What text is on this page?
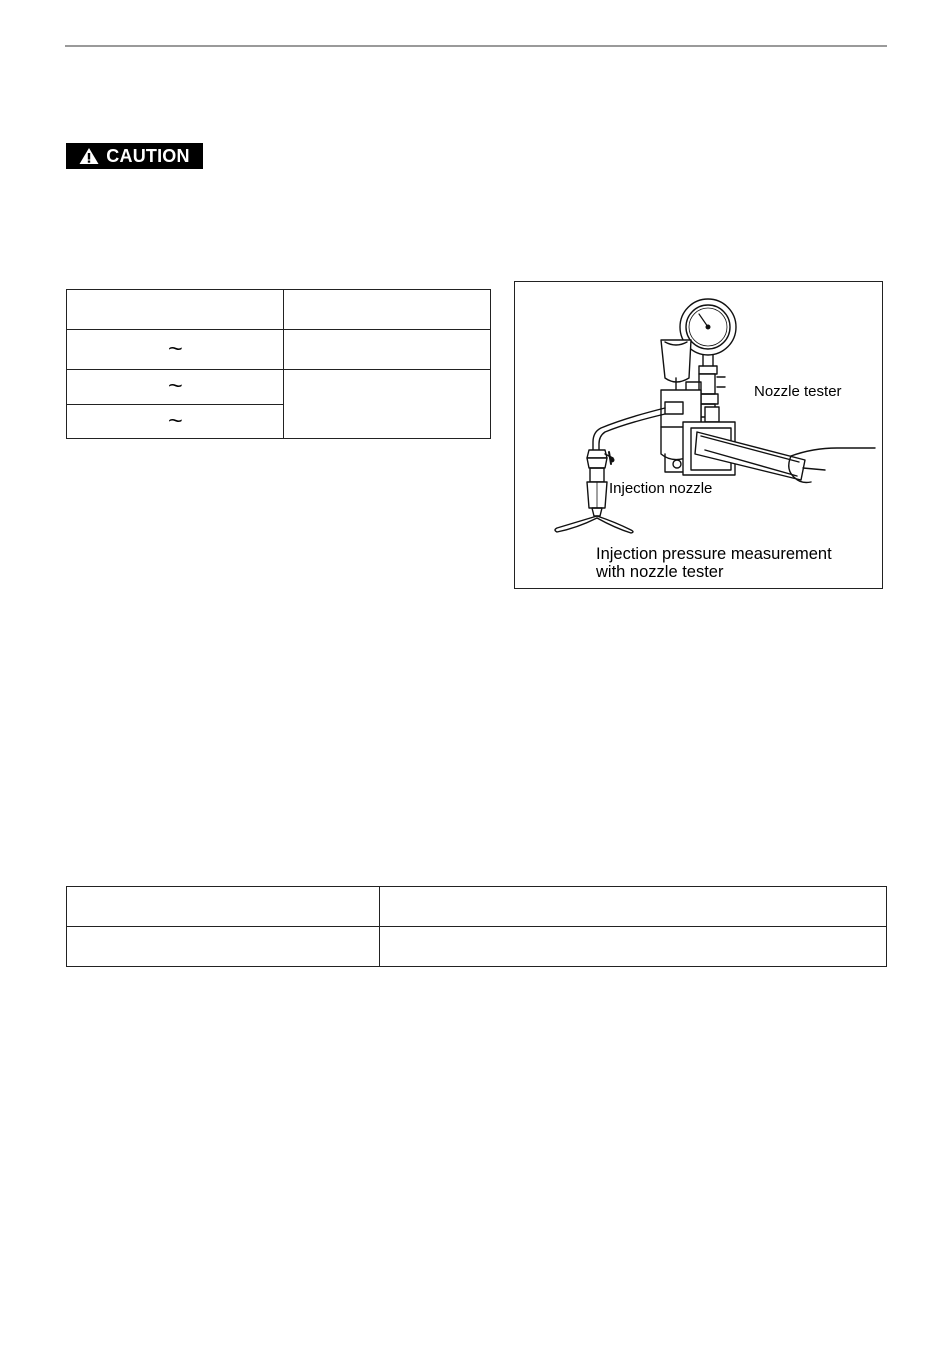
CAUTION

~	
~	
~	
Nozzle tester
Injection nozzle
Injection pressure measurement
with nozzle tester
